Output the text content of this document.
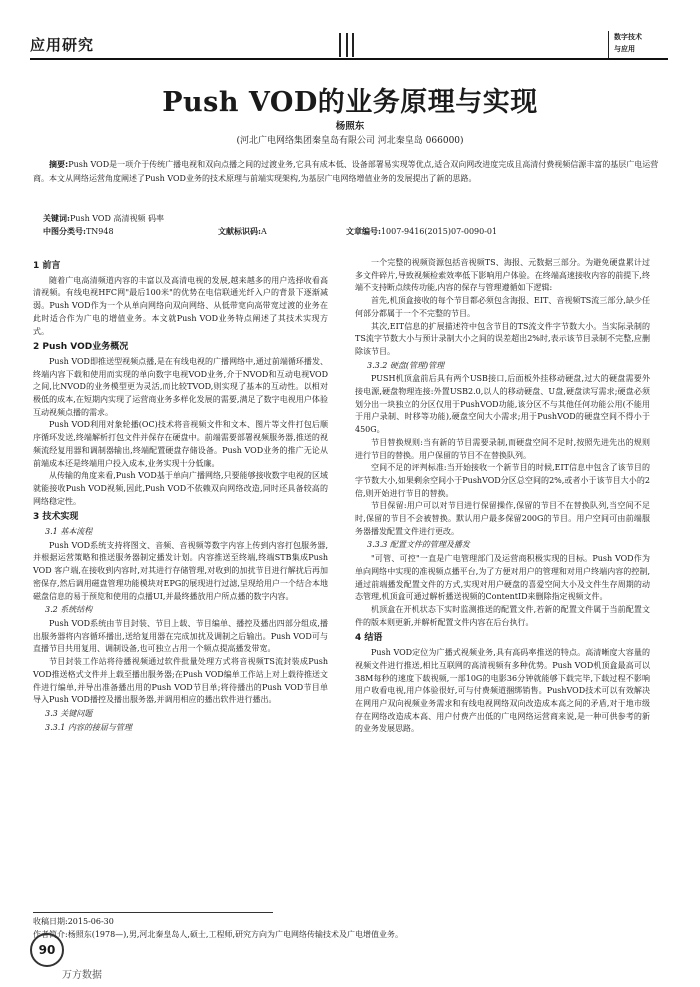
应用研究	数字技术
与应用
Push VOD的业务原理与实现
杨照东
(河北广电网络集团秦皇岛有限公司 河北秦皇岛 066000)
摘要:Push VOD是一项介于传统广播电视和双向点播之间的过渡业务,它具有成本低、设备部署易实现等优点,适合双向网改进度完成且高清付费视频信源丰富的基层广电运营商。本文从网络运营角度阐述了Push VOD业务的技术原理与前端实现架构,为基层广电网络增值业务的发展提出了新的思路。
关键词:Push VOD 高清视频 码率
中图分类号:TN948	文献标识码:A	文章编号:1007-9416(2015)07-0090-01
1 前言

随着广电高清频道内容的丰富以及高清电视的发展,越来越多的用户选择收看高清视频。有线电视HFC网"最后100米"的优势在电信联通光纤入户的背景下逐渐减弱。Push VOD作为一个从单向网络向双向网络、从低带宽向高带宽过渡的业务在此时适合作为广电的增值业务。本文就Push VOD业务特点阐述了其技术实现方式。

2 Push VOD业务概况

Push VOD即推送型视频点播,是在有线电视的广播网络中,通过前端循环播发、终端内容下载和使用而实现的单向数字电视VOD业务,介于NVOD和互动电视VOD之间,比NVOD的业务模型更为灵活,而比较TVOD,则实现了基本的互动性。以相对极低的成本,在短期内实现了运营商业务多样化发展的需要,满足了数字电视用户体验互动视频点播的需求。

Push VOD利用对象轮播(OC)技术将音视频文件和文本、图片等文件打包后顺序循环发送,终端解析打包文件并保存在硬盘中。前端需要部署视频服务器,推送的视频流经复用器和调制器输出,终端配置硬盘存储设备。Push VOD业务的推广无论从前端成本还是终端用户投入成本,业务实现十分低廉。

从传输的角度来看,Push VOD基于单向广播网络,只要能够接收数字电视的区域就能接收Push VOD视频,因此,Push VOD不依赖双向网络改造,同时还具备较高的网络稳定性。

3 技术实现
3.1 基本流程

Push VOD系统支持将图文、音频、音视频等数字内容上传到内容打包服务器,并根据运营策略和推送服务器制定播发计划。内容推送至终端,终端STB集成Push VOD 客户端,在接收到内容时,对其进行存储管理,对收到的加扰节目进行解扰后再加密保存,然后调用磁盘管理功能模块对EPG的展现进行过滤,呈现给用户一个结合本地磁盘信息的易于预览和使用的点播UI,并最终播放用户所点播的数字内容。

3.2 系统结构

Push VOD系统由节目封装、节目上载、节目编单、播控及播出四部分组成,播出服务器将内容循环播出,送给复用器在完成加扰及调制之后输出。Push VOD可与直播节目共用复用、调制设备,也可独立占用一个频点提高播发带宽。

节目封装工作站将待播视频通过软件批量处理方式将音视频TS流封装成Push VOD推送格式文件并上载至播出服务器;在Push VOD编单工作站上对上载待推送文件进行编单,并导出准备播出用的Push VOD节目单;将待播出的Push VOD节目单导入Push VOD播控及播出服务器,并调用相应的播出软件进行播出。

3.3 关键问题
3.3.1 内容的接届与管理

一个完整的视频资源包括音视频TS、海报、元数据三部分。为避免硬盘累计过多文件碎片,导致视频检索效率低下影响用户体验。在终端高速接收内容的前提下,终端不支持断点续传功能,内容的保存与管理遵循如下逻辑:

首先,机顶盒接收的每个节目都必须包含海报、EIT、音视频TS流三部分,缺少任何部分都属于一个不完整的节目。

其次,EIT信息的扩展描述符中包含节目的TS流文件字节数大小。当实际录制的TS流字节数大小与预计录制大小之间的误差超出2%时,表示该节目录制不完整,应删除该节目。

3.3.2 硬盘(管理)管理

PUSH机顶盒前后具有两个USB接口,后面板外挂移动硬盘,过大的硬盘需要外接电源,硬盘物理连接:外置USB2.0,以人的移动硬盘、U盘,硬盘读写需求;硬盘必须划分出一块独立的分区仅用于PushVOD功能,该分区不与其他任何功能公用(不能用于用户录制、时移等功能),硬盘空间大小需求;用于PushVOD的硬盘空间不得小于450G。

节目替换规则:当有新的节目需要录制,而硬盘空间不足时,按照先进先出的规则进行节目的替换。用户保留的节目不在替换队列。

空间不足的评判标准:当开始接收一个新节目的时候,EIT信息中包含了该节目的字节数大小,如果剩余空间小于PushVOD分区总空间的2%,或者小于该节目大小的2倍,则开始进行节目的替换。

节目保留:用户可以对节目进行保留操作,保留的节目不在替换队列,当空间不足时,保留的节目不会被替换。默认用户最多保留200G的节目。用户空间可由前端服务器播发配置文件进行更改。

3.3.3 配置文件的管理及播发

"可管、可控"一直是广电管理部门及运营商积极实现的目标。Push VOD作为单向网络中实现的准视频点播平台,为了方便对用户的管理和对用户终端内容的控制,通过前端播发配置文件的方式,实现对用户硬盘的喜爱空间大小及文件生存周期的动态管理,机顶盒可通过解析播送视频的ContentID来删除指定视频文件。

机顶盒在开机状态下实时监测推送的配置文件,若新的配置文件属于当前配置文件的版本则更新,并解析配置文件内容在后台执行。

4 结语

Push VOD定位为广播式视频业务,具有高码率推送的特点。高清晰度大容量的视频文件进行推送,相比互联网的高清视频有多种优势。Push VOD机顶盒最高可以38M每秒的速度下载视频,一部10G的电影36分钟就能够下载完毕,下载过程不影响用户收看电视,用户体验很好,可与付费频道捆绑销售。PushVOD技术可以有效解决在网用户双向视频业务需求和有线电视网络双向改造成本高之间的矛盾,对于地市级存在网络改造成本高、用户付费产出低的广电网络运营商来说,是一种可供参考的新的业务发展思路。

收稿日期:2015-06-30
作者简介:杨照东(1978—),男,河北秦皇岛人,硕士,工程师,研究方向为广电网络传输技术及广电增值业务。
90
万方数据
